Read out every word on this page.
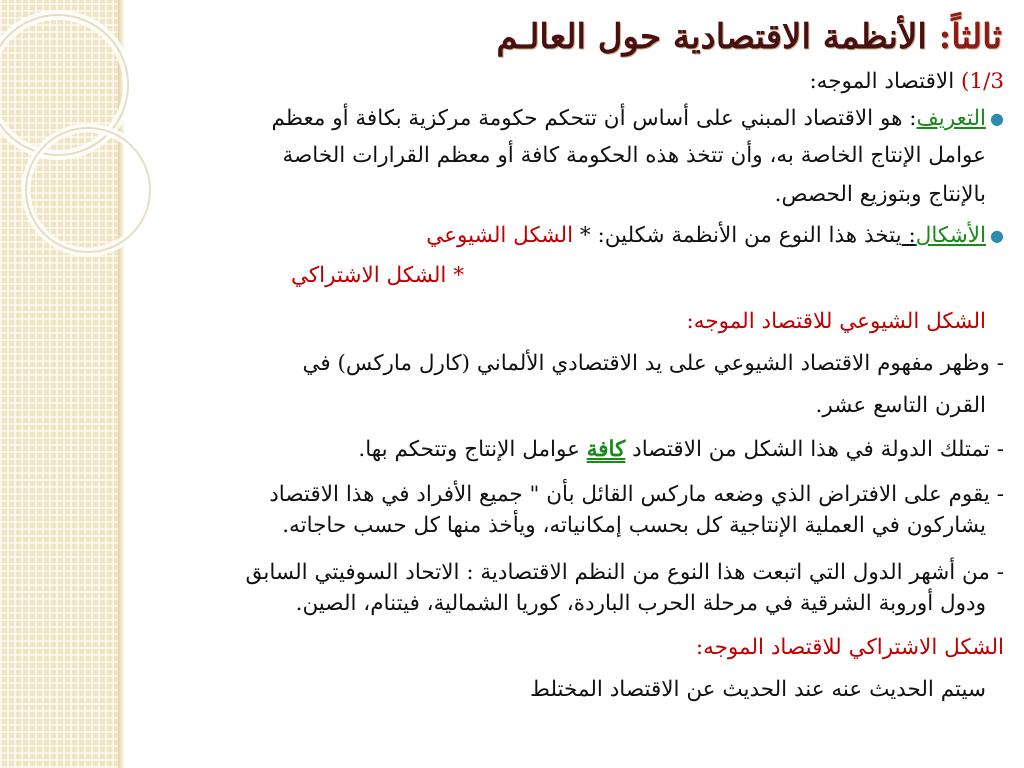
ثالثاً: الأنظمة الاقتصادية حول العالـم
1/3) الاقتصاد الموجه:
●
التعريف: هو الاقتصاد المبني على أساس أن تتحكم حكومة مركزية بكافة أو معظم
عوامل الإنتاج الخاصة به، وأن تتخذ هذه الحكومة كافة أو معظم القرارات الخاصة
بالإنتاج وبتوزيع الحصص.
●
الأشكال: يتخذ هذا النوع من الأنظمة شكلين: * الشكل الشيوعي
* الشكل الاشتراكي
الشكل الشيوعي للاقتصاد الموجه:
- وظهر مفهوم الاقتصاد الشيوعي على يد الاقتصادي الألماني (كارل ماركس) في
القرن التاسع عشر.
- تمتلك الدولة في هذا الشكل من الاقتصاد كافة عوامل الإنتاج وتتحكم بها.
- يقوم على الافتراض الذي وضعه ماركس القائل بأن " جميع الأفراد في هذا الاقتصاد
يشاركون في العملية الإنتاجية كل بحسب إمكانياته، ويأخذ منها كل حسب حاجاته.
- من أشهر الدول التي اتبعت هذا النوع من النظم الاقتصادية : الاتحاد السوفيتي السابق
ودول أوروبة الشرقية في مرحلة الحرب الباردة، كوريا الشمالية، فيتنام، الصين.
الشكل الاشتراكي للاقتصاد الموجه:
سيتم الحديث عنه عند الحديث عن الاقتصاد المختلط
